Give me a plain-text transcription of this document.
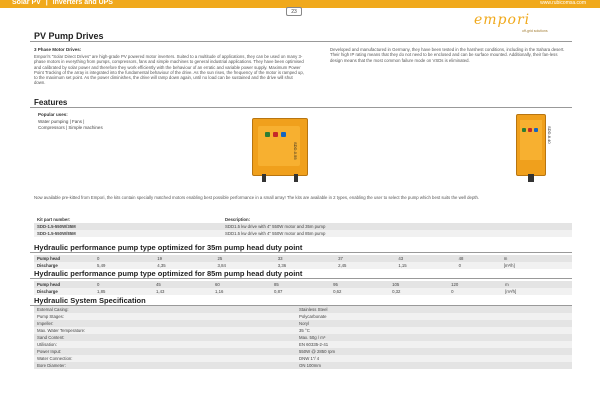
Solar PV | Inverters and UPS	www.rubicomsa.com
23	empori
off-grid solutions
PV Pump Drives
3 Phase Motor Drives:
Empori's "Solar Direct Drives" are high-grade PV powered motor inverters. Suited to a multitude of applications, they can be used on many 3-phase motors in everything from pumps, compressors, fans and simple machines to general industrial applications. They have been optimised and calibrated by solar power and therefore they work efficiently with the behaviour of an erratic and variable power supply. Maximum Power Point Tracking of the array is integrated into the fundamental behaviour of the drive. As the sun rises, the frequency of the motor is ramped up, to the maximum set point. As the power diminishes, the drive will ramp down again, until no load can be sustained and the drive will shut down.
Developed and manufactured in Germany, they have been tested in the harshest conditions, including in the Sahara desert. Their high IP rating means that they do not need to be enclosed and can be surface mounted. Additionally, their fan-less design means that the most common failure mode on VSDs is eliminated.
Features
Popular uses:
Water pumping | Fans |
Compressors | Simple machines
SDD-0.55
SDD-8.40
Now available pre-kitted from Empori, the kits contain specially matched motors enabling best possible performance in a small array! The kits are available in 2 types, enabling the user to select the pump which best suits the well depth.
Kit part number:	Description:
SDD-1.5-550W/35M	SDD1.5 kw drive with 4" 550W motor and 35m pump
SDD-1.5-550W/85M	SDD1.5 kw drive with 4" 550W motor and 85m pump
Hydraulic performance pump type optimized for 35m pump head duty point
Pump head	0	19	25	33	37	43	48	m
Discharge	5,49	4,35	3,84	3,36	2,45	1,15	0	[m³/h]
Hydraulic performance pump type optimized for 85m pump head duty point
Pump head	0	45	60	85	95	105	120	m
Discharge	1,85	1,43	1,16	0,87	0,62	0,32	0	[m³/h]
Hydraulic System Specification
External Casing:	Stainless Steel
Pump Stages:	Polycarbonate
Impeller:	Noryl
Max. Water Temperature:	35 °C
Sand Content:	Max. 50g / m³
Utilisation:	EN 60335-2-41
Power Input:	550W @ 2850 rpm
Water Connection:	DNW 1"/ 4
Bore Diameter:	ON 100mm
